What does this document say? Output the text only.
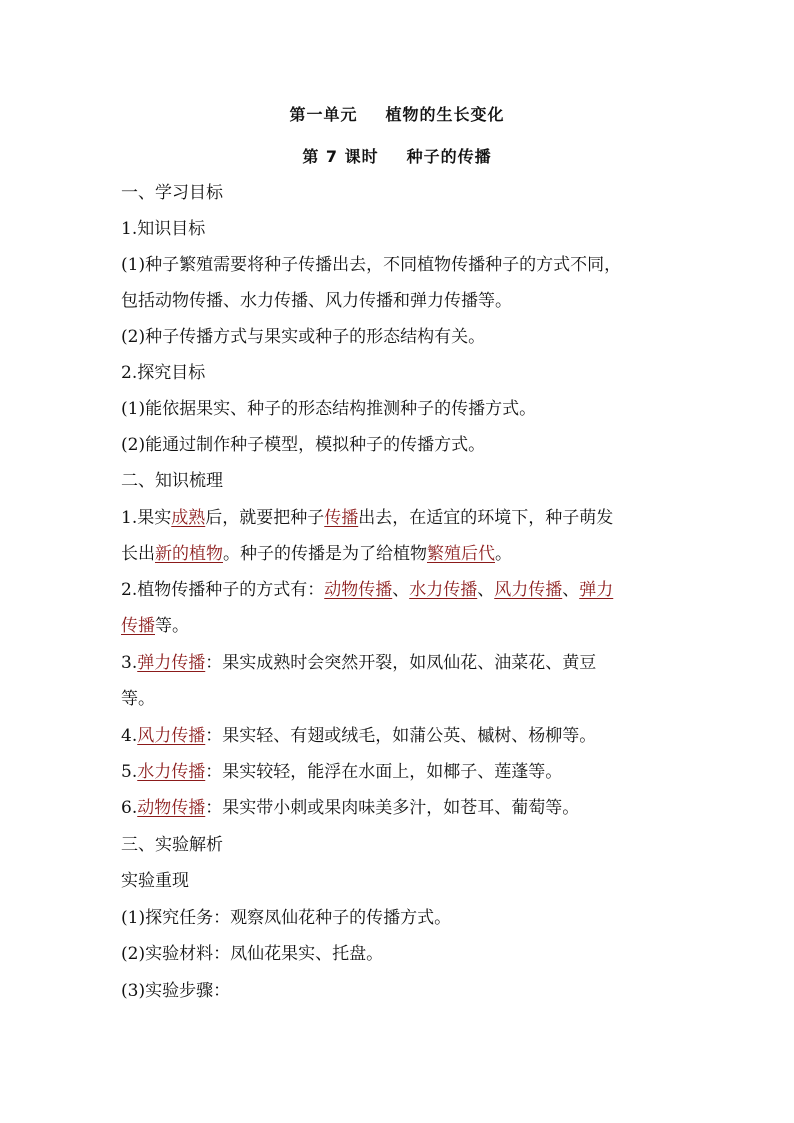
第一单元 植物的生长变化
第 7 课时 种子的传播
一、学习目标
1.知识目标
(1)种子繁殖需要将种子传播出去，不同植物传播种子的方式不同，
包括动物传播、水力传播、风力传播和弹力传播等。
(2)种子传播方式与果实或种子的形态结构有关。
2.探究目标
(1)能依据果实、种子的形态结构推测种子的传播方式。
(2)能通过制作种子模型，模拟种子的传播方式。
二、知识梳理
1.果实成熟后，就要把种子传播出去，在适宜的环境下，种子萌发
长出新的植物。种子的传播是为了给植物繁殖后代。
2.植物传播种子的方式有：动物传播、水力传播、风力传播、弹力
传播等。
3.弹力传播：果实成熟时会突然开裂，如凤仙花、油菜花、黄豆
等。
4.风力传播：果实轻、有翅或绒毛，如蒲公英、槭树、杨柳等。
5.水力传播：果实较轻，能浮在水面上，如椰子、莲蓬等。
6.动物传播：果实带小刺或果肉味美多汁，如苍耳、葡萄等。
三、实验解析
实验重现
(1)探究任务：观察凤仙花种子的传播方式。
(2)实验材料：凤仙花果实、托盘。
(3)实验步骤：
